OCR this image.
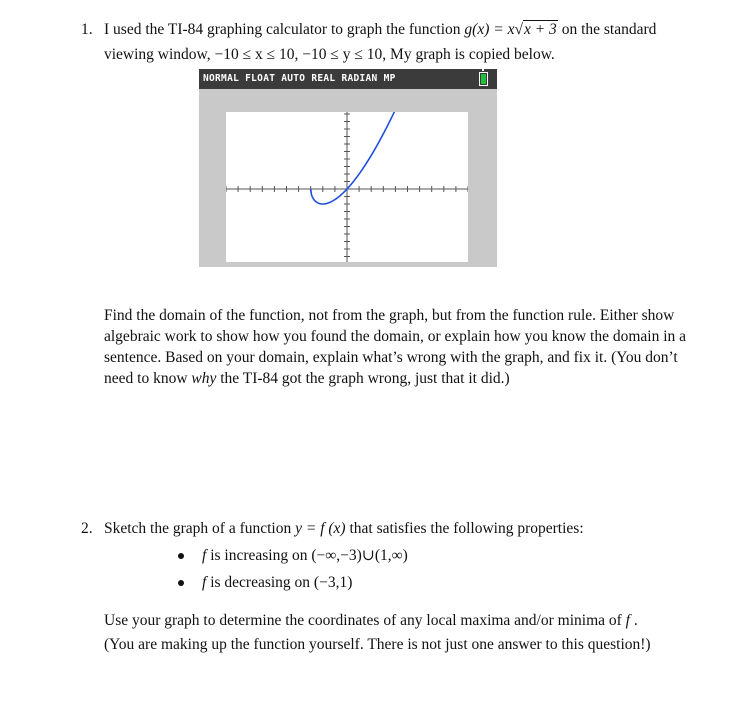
1. I used the TI-84 graphing calculator to graph the function g(x) = x√x + 3 on the standard
viewing window, −10 ≤ x ≤ 10, −10 ≤ y ≤ 10, My graph is copied below.
NORMAL FLOAT AUTO REAL RADIAN MP
Find the domain of the function, not from the graph, but from the function rule. Either show algebraic work to show how you found the domain, or explain how you know the domain in a sentence. Based on your domain, explain what’s wrong with the graph, and fix it. (You don’t need to know why the TI-84 got the graph wrong, just that it did.)
2. Sketch the graph of a function y = f (x) that satisfies the following properties:
f is increasing on (−∞,−3)∪(1,∞)
f is decreasing on (−3,1)
Use your graph to determine the coordinates of any local maxima and/or minima of f .
(You are making up the function yourself. There is not just one answer to this question!)
